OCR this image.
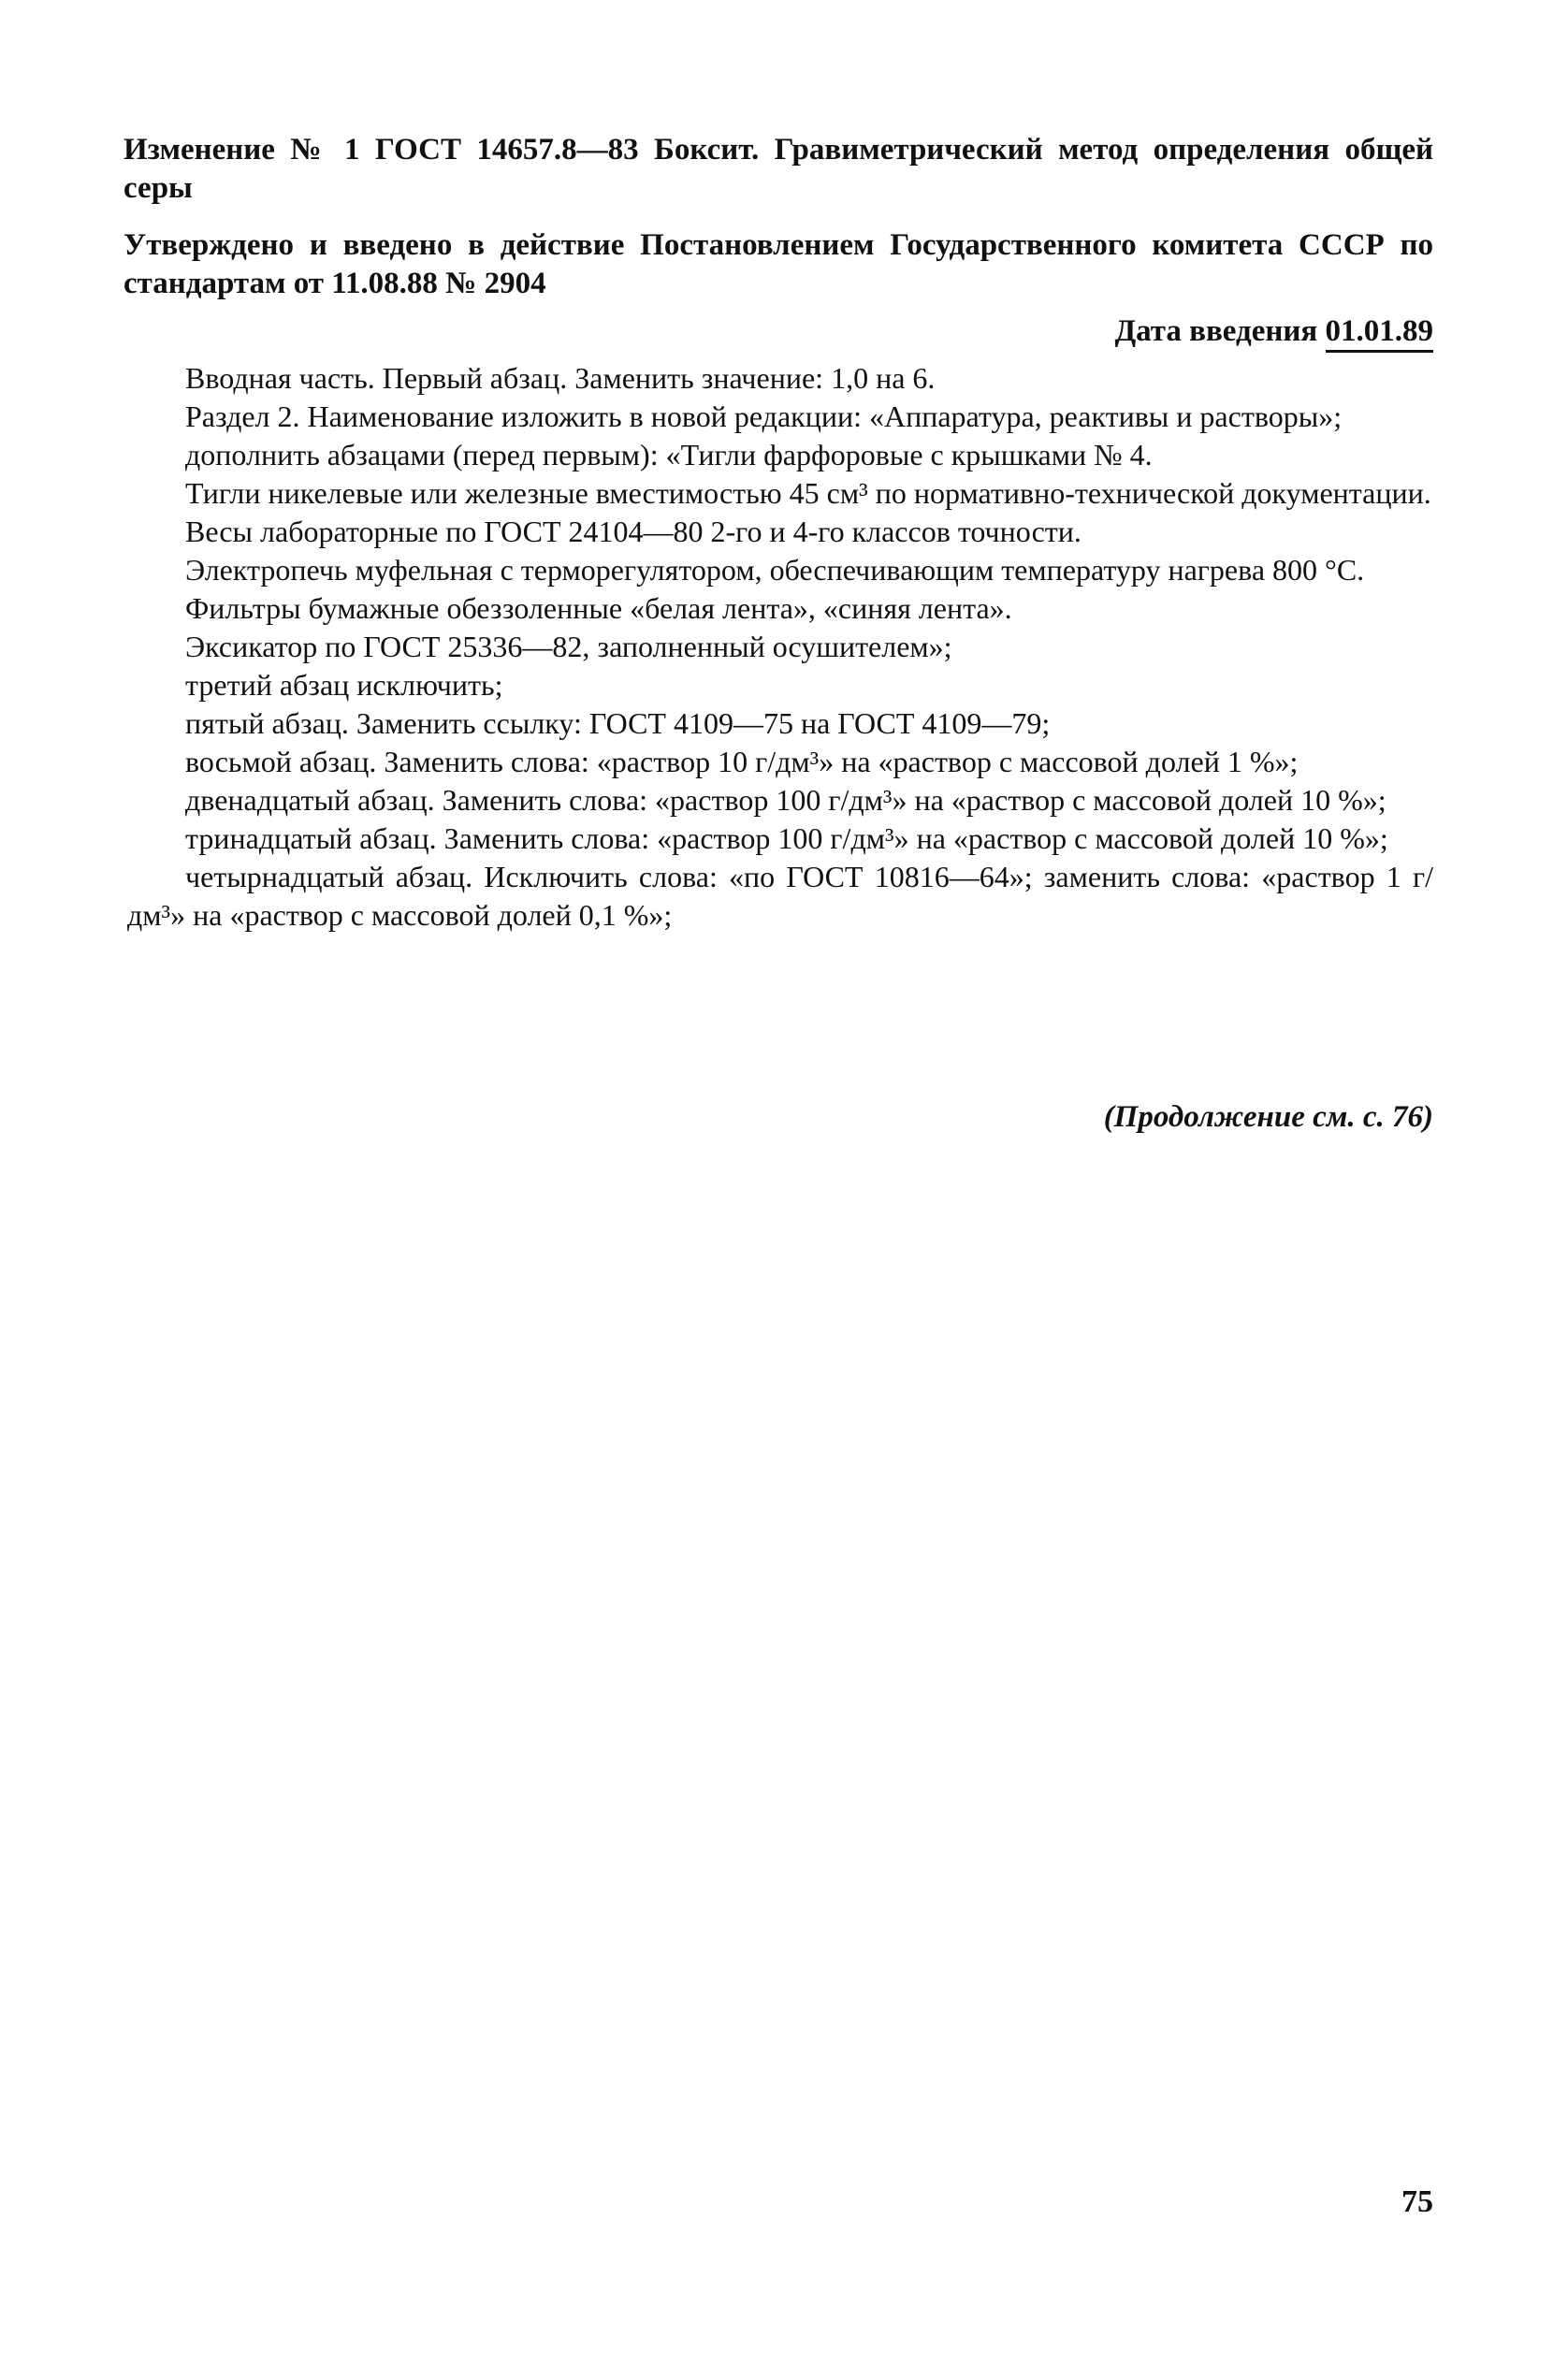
Изменение № 1 ГОСТ 14657.8—83 Боксит. Гравиметрический метод определения общей серы

Утверждено и введено в действие Постановлением Государственного комитета СССР по стандартам от 11.08.88 № 2904

Дата введения 01.01.89

Вводная часть. Первый абзац. Заменить значение: 1,0 на 6.

Раздел 2. Наименование изложить в новой редакции: «Аппаратура, реактивы и растворы»;

дополнить абзацами (перед первым): «Тигли фарфоровые с крышками № 4.

Тигли никелевые или железные вместимостью 45 см³ по нормативно-технической документации.

Весы лабораторные по ГОСТ 24104—80 2-го и 4-го классов точности.

Электропечь муфельная с терморегулятором, обеспечивающим температуру нагрева 800 °С.

Фильтры бумажные обеззоленные «белая лента», «синяя лента».

Эксикатор по ГОСТ 25336—82, заполненный осушителем»;

третий абзац исключить;

пятый абзац. Заменить ссылку: ГОСТ 4109—75 на ГОСТ 4109—79;

восьмой абзац. Заменить слова: «раствор 10 г/дм³» на «раствор с массовой долей 1 %»;

двенадцатый абзац. Заменить слова: «раствор 100 г/дм³» на «раствор с массовой долей 10 %»;

тринадцатый абзац. Заменить слова: «раствор 100 г/дм³» на «раствор с массовой долей 10 %»;

четырнадцатый абзац. Исключить слова: «по ГОСТ 10816—64»; заменить слова: «раствор 1 г/дм³» на «раствор с массовой долей 0,1 %»;

(Продолжение см. с. 76)
75
